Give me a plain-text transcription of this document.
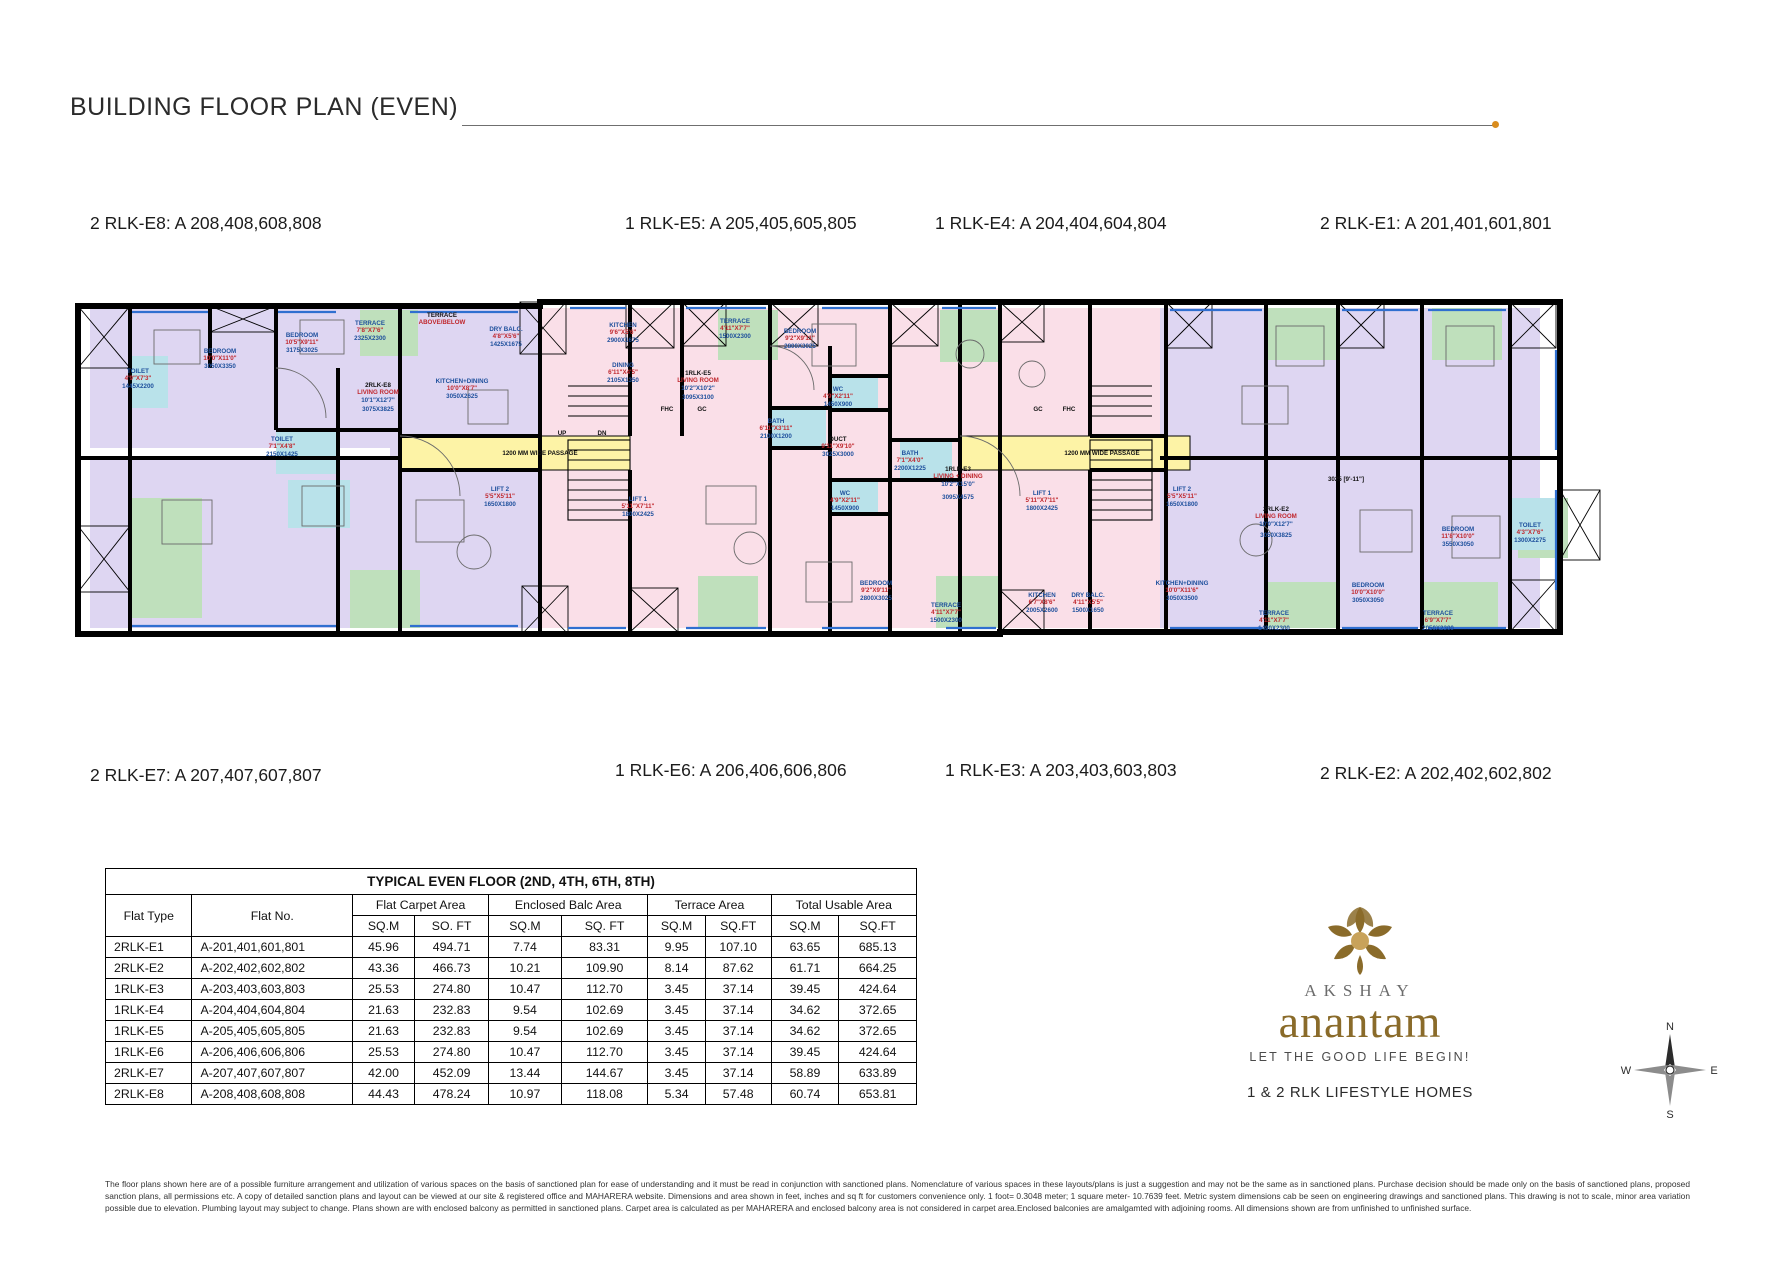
BUILDING FLOOR PLAN (EVEN)
2 RLK-E8: A 208,408,608,808	1 RLK-E5: A 205,405,605,805	1 RLK-E4: A 204,404,604,804	2 RLK-E1: A 201,401,601,801
TERRACE
7'8"X7'6"
2325X2300
TERRACE
ABOVE/BELOW
DRY BALC.
4'8"X5'6"
1425X1675
BEDROOM
10'0"X11'0"
3050X3350
BEDROOM
10'5"X9'11"
3175X3025
TOILET
4'9"X7'3"
1445X2200	2RLK-E8
LIVING ROOM
10'1"X12'7"
3075X3825
KITCHEN+DINING
10'0"X8'7"
3050X2625
TOILET
7'1"X4'8"
2150X1425
KITCHEN
9'6"X5'6"
2900X1675
DINING
6'11"X4'5"
2105X1350
TERRACE
4'11"X7'7"
1500X2300
BEDROOM
9'2"X9'11"
2800X3025
1RLK-E5
LIVING ROOM
10'2"X10'2"
3095X3100
WC
4'9"X2'11"
1450X900
BATH
6'11"X3'11"
2100X1200	DUCT
9'11"X9'10"
3025X3000	BATH
7'1"X4'0"
2200X1225
WC
4'9"X2'11"
1450X900
1RLK-E3
LIVING + DINING
10'2"X15'0"
3095X4575
1200 MM WIDE PASSAGE
UP	DN
LIFT 2
5'5"X5'11"
1650X1800
LIFT 1
5'11"X7'11"
1800X2425
LIFT 1
5'11"X7'11"
1800X2425
LIFT 2
5'5"X5'11"
1650X1800
1200 MM WIDE PASSAGE
BEDROOM
9'2"X9'11"
2800X3025
TERRACE
4'11"X7'7"
1500X2300
KITCHEN
6'7"X8'6"
2005X2600
DRY BALC.
4'11"X5'5"
1500X1650
KITCHEN+DINING
10'0"X11'6"
3050X3500
2RLK-E2
LIVING ROOM
10'0"X12'7"
3050X3825
BEDROOM
10'0"X10'0"
3050X3050
TERRACE
4'11"X7'7"
1490X2300
TERRACE
6'9"X7'7"
2050X2300
BEDROOM
11'8"X10'0"
3550X3050
TOILET
4'3"X7'6"
1300X2275
3025 [9'-11"]
GC
FHC	GC	FHC
2 RLK-E7: A 207,407,607,807	1 RLK-E6: A 206,406,606,806	1 RLK-E3: A 203,403,603,803	2 RLK-E2: A 202,402,602,802
TYPICAL EVEN FLOOR (2ND, 4TH, 6TH, 8TH)									
Flat Type	Flat No.	Flat Carpet Area		Enclosed Balc Area		Terrace Area		Total Usable Area	
		SQ.M	SO. FT	SQ.M	SQ. FT	SQ.M	SQ.FT	SQ.M	SQ.FT
2RLK-E1	A-201,401,601,801	45.96	494.71	7.74	83.31	9.95	107.10	63.65	685.13
2RLK-E2	A-202,402,602,802	43.36	466.73	10.21	109.90	8.14	87.62	61.71	664.25
1RLK-E3	A-203,403,603,803	25.53	274.80	10.47	112.70	3.45	37.14	39.45	424.64
1RLK-E4	A-204,404,604,804	21.63	232.83	9.54	102.69	3.45	37.14	34.62	372.65
1RLK-E5	A-205,405,605,805	21.63	232.83	9.54	102.69	3.45	37.14	34.62	372.65
1RLK-E6	A-206,406,606,806	25.53	274.80	10.47	112.70	3.45	37.14	39.45	424.64
2RLK-E7	A-207,407,607,807	42.00	452.09	13.44	144.67	3.45	37.14	58.89	633.89
2RLK-E8	A-208,408,608,808	44.43	478.24	10.97	118.08	5.34	57.48	60.74	653.81
AKSHAY
anantam
LET THE GOOD LIFE BEGIN!
1 & 2 RLK LIFESTYLE HOMES
N
E
S
W
The floor plans shown here are of a possible furniture arrangement and utilization of various spaces on the basis of sanctioned plan for ease of understanding and it must be read in conjunction with sanctioned plans. Nomenclature of various spaces in these layouts/plans is just a suggestion and may not be the same as in sanctioned plans. Purchase decision should be made only on the basis of sanctioned plans, proposed sanction plans, all permissions etc. A copy of detailed sanction plans and layout can be viewed at our site & registered office and MAHARERA website. Dimensions and area shown in feet, inches and sq ft for customers convenience only. 1 foot= 0.3048 meter; 1 square meter- 10.7639 feet. Metric system dimensions cab be seen on engineering drawings and sanctioned plans. This drawing is not to scale, minor area variation possible due to elevation. Plumbing layout may subject to change. Plans shown are with enclosed balcony as permitted in sanctioned plans. Carpet area is calculated as per MAHARERA and enclosed balcony area is not considered in carpet area.Enclosed balconies are amalgamted with adjoining rooms. All dimensions shown are from unfinished to unfinished surface.
